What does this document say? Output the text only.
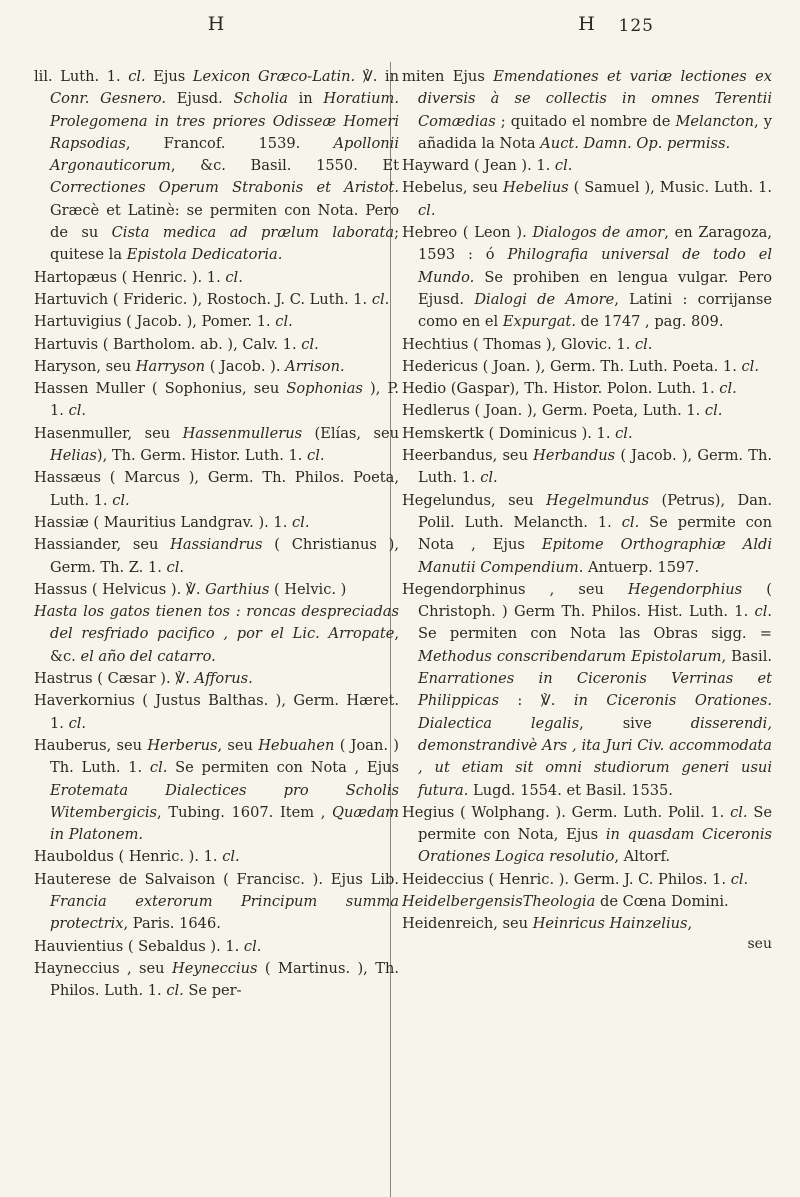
H

lil. Luth. 1. cl. Ejus Lexicon Græco-Latin. ℣. in Conr. Gesnero. Ejusd. Scholia in Horatium. Prolegomena in tres priores Odisseæ Homeri Rapsodias, Francof. 1539. Apollonii Argonauticorum, &c. Basil. 1550. Et Correctiones Operum Strabonis et Aristot. Græcè et Latinè: se permiten con Nota. Pero de su Cista medica ad prælum laborata; quitese la Epistola Dedicatoria.

Hartopæus ( Henric. ). 1. cl.

Hartuvich ( Frideric. ), Rostoch. J. C. Luth. 1. cl.

Hartuvigius ( Jacob. ), Pomer. 1. cl.

Hartuvis ( Bartholom. ab. ), Calv. 1. cl.

Haryson, seu Harryson ( Jacob. ). Arrison.

Hassen Muller ( Sophonius, seu Sophonias ), P. 1. cl.

Hasenmuller, seu Hassenmullerus (Elías, seu Helias), Th. Germ. Histor. Luth. 1. cl.

Hassæus ( Marcus ), Germ. Th. Philos. Poeta, Luth. 1. cl.

Hassiæ ( Mauritius Landgrav. ). 1. cl.

Hassiander, seu Hassiandrus ( Christianus ), Germ. Th. Z. 1. cl.

Hassus ( Helvicus ). ℣. Garthius ( Helvic. )

Hasta los gatos tienen tos : roncas despreciadas del resfriado pacifico , por el Lic. Arropate, &c. el año del catarro.

Hastrus ( Cæsar ). ℣. Afforus.

Haverkornius ( Justus Balthas. ), Germ. Hæret. 1. cl.

Hauberus, seu Herberus, seu Hebuahen ( Joan. ) Th. Luth. 1. cl. Se permiten con Nota , Ejus Erotemata Dialectices pro Scholis Witembergicis, Tubing. 1607. Item , Quædam in Platonem.

Hauboldus ( Henric. ). 1. cl.

Hauterese de Salvaison ( Francisc. ). Ejus Lib. Francia exterorum Principum summa protectrix, Paris. 1646.

Hauvientius ( Sebaldus ). 1. cl.

Hayneccius , seu Heyneccius ( Martinus. ), Th. Philos. Luth. 1. cl. Se per-

H 125

miten Ejus Emendationes et variæ lectiones ex diversis à se collectis in omnes Terentii Comædias ; quitado el nombre de Melancton, y añadida la Nota Auct. Damn. Op. permiss.

Hayward ( Jean ). 1. cl.

Hebelus, seu Hebelius ( Samuel ), Music. Luth. 1. cl.

Hebreo ( Leon ). Dialogos de amor, en Zaragoza, 1593 : ó Philografia universal de todo el Mundo. Se prohiben en lengua vulgar. Pero Ejusd. Dialogi de Amore, Latini : corrijanse como en el Expurgat. de 1747 , pag. 809.

Hechtius ( Thomas ), Glovic. 1. cl.

Hedericus ( Joan. ), Germ. Th. Luth. Poeta. 1. cl.

Hedio (Gaspar), Th. Histor. Polon. Luth. 1. cl.

Hedlerus ( Joan. ), Germ. Poeta, Luth. 1. cl.

Hemskertk ( Dominicus ). 1. cl.

Heerbandus, seu Herbandus ( Jacob. ), Germ. Th. Luth. 1. cl.

Hegelundus, seu Hegelmundus (Petrus), Dan. Polil. Luth. Melancth. 1. cl. Se permite con Nota , Ejus Epitome Orthographiæ Aldi Manutii Compendium. Antuerp. 1597.

Hegendorphinus , seu Hegendorphius ( Christoph. ) Germ Th. Philos. Hist. Luth. 1. cl. Se permiten con Nota las Obras sigg. = Methodus conscribendarum Epistolarum, Basil. Enarrationes in Ciceronis Verrinas et Philippicas : ℣. in Ciceronis Orationes. Dialectica legalis, sive disserendi, demonstrandivè Ars , ita Juri Civ. accommodata , ut etiam sit omni studiorum generi usui futura. Lugd. 1554. et Basil. 1535.

Hegius ( Wolphang. ). Germ. Luth. Polil. 1. cl. Se permite con Nota, Ejus in quasdam Ciceronis Orationes Logica resolutio, Altorf.

Heideccius ( Henric. ). Germ. J. C. Philos. 1. cl.

HeidelbergensisTheologia de Cœna Domini.

Heidenreich, seu Heinricus Hainzelius,

seu
